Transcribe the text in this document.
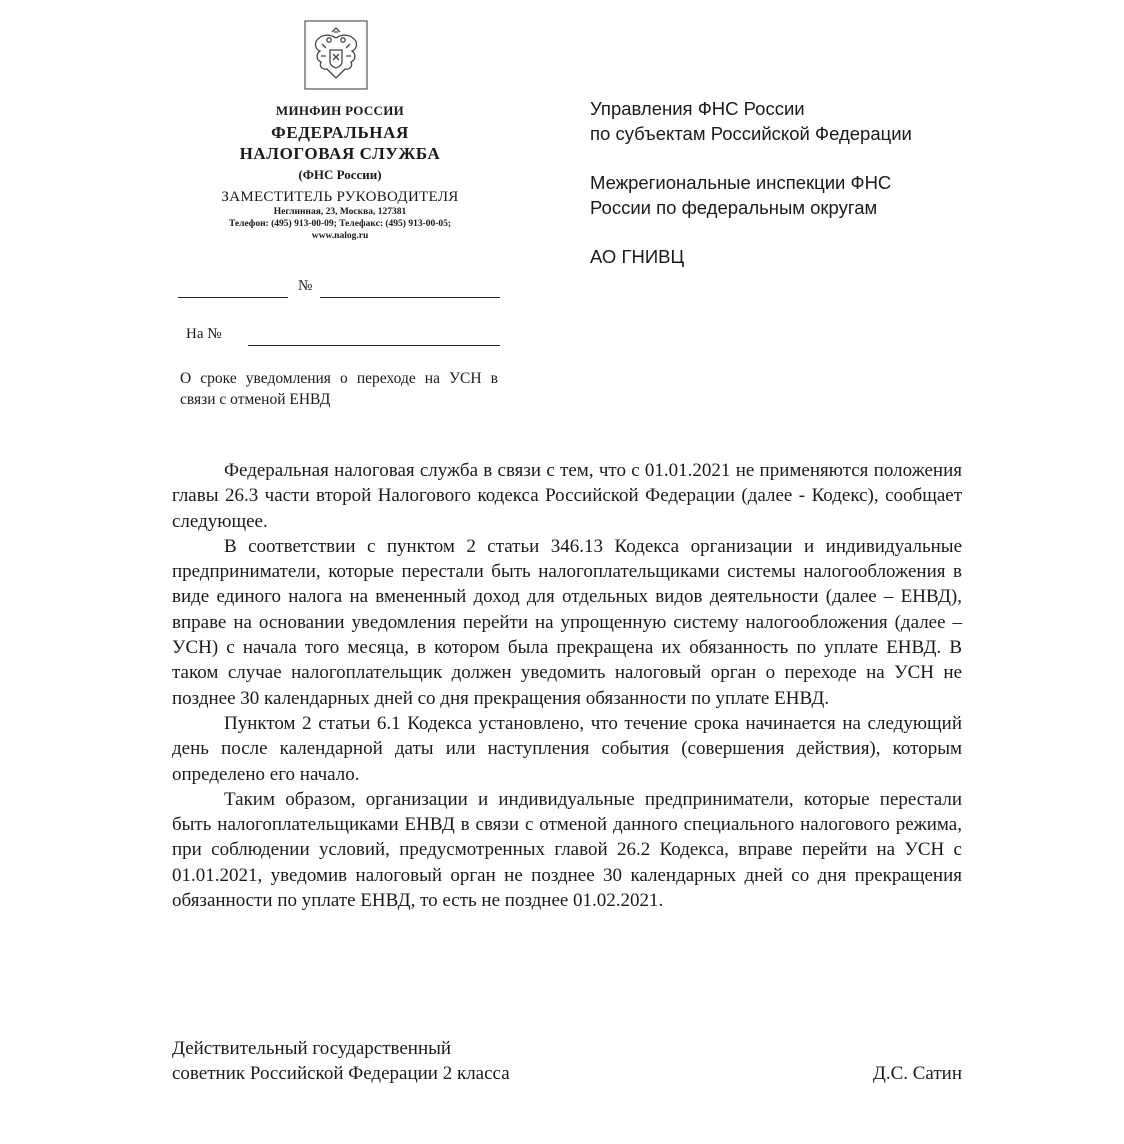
МИНФИН РОССИИ
ФЕДЕРАЛЬНАЯ
НАЛОГОВАЯ СЛУЖБА
(ФНС России)
ЗАМЕСТИТЕЛЬ РУКОВОДИТЕЛЯ
Неглинная, 23, Москва, 127381
Телефон: (495) 913-00-09; Телефакс: (495) 913-00-05;
www.nalog.ru
№
На №
О сроке уведомления о переходе на УСН в связи с отменой ЕНВД
Управления ФНС России
по субъектам Российской Федерации
Межрегиональные инспекции ФНС
России по федеральным округам
АО ГНИВЦ

Федеральная налоговая служба в связи с тем, что с 01.01.2021 не применяются положения главы 26.3 части второй Налогового кодекса Российской Федерации (далее - Кодекс), сообщает следующее.

В соответствии с пунктом 2 статьи 346.13 Кодекса организации и индивидуальные предприниматели, которые перестали быть налогоплательщиками системы налогообложения в виде единого налога на вмененный доход для отдельных видов деятельности (далее – ЕНВД), вправе на основании уведомления перейти на упрощенную систему налогообложения (далее – УСН) с начала того месяца, в котором была прекращена их обязанность по уплате ЕНВД. В таком случае налогоплательщик должен уведомить налоговый орган о переходе на УСН не позднее 30 календарных дней со дня прекращения обязанности по уплате ЕНВД.

Пунктом 2 статьи 6.1 Кодекса установлено, что течение срока начинается на следующий день после календарной даты или наступления события (совершения действия), которым определено его начало.

Таким образом, организации и индивидуальные предприниматели, которые перестали быть налогоплательщиками ЕНВД в связи с отменой данного специального налогового режима, при соблюдении условий, предусмотренных главой 26.2 Кодекса, вправе перейти на УСН с 01.01.2021, уведомив налоговый орган не позднее 30 календарных дней со дня прекращения обязанности по уплате ЕНВД, то есть не позднее 01.02.2021.

Действительный государственный
советник Российской Федерации 2 класса	Д.С. Сатин
